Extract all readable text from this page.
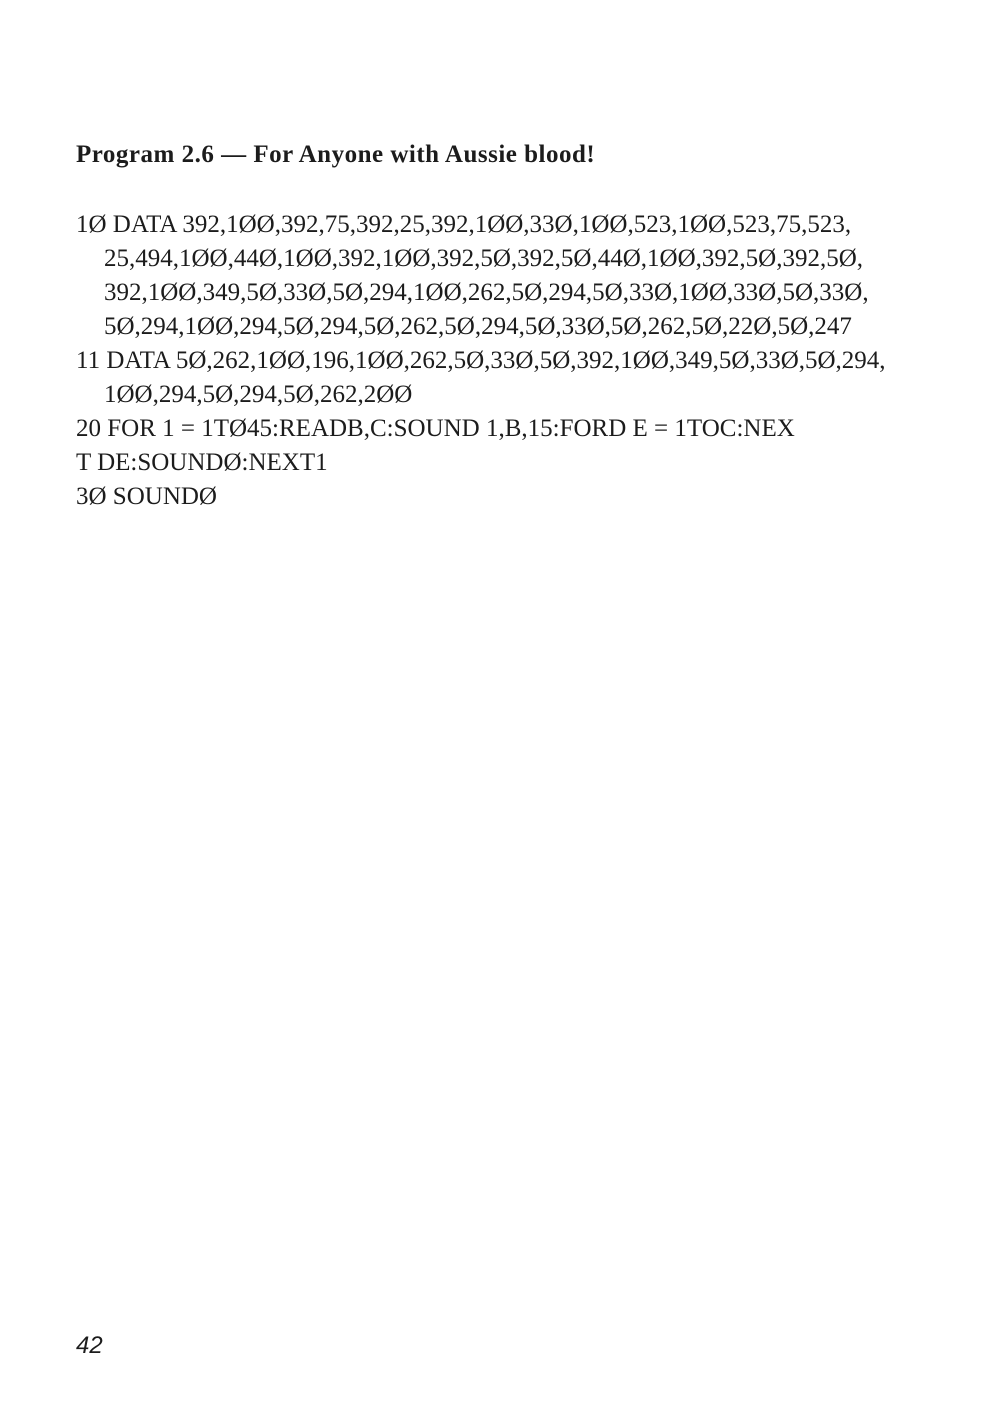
Program 2.6 — For Anyone with Aussie blood!
1Ø DATA 392,1ØØ,392,75,392,25,392,1ØØ,33Ø,1ØØ,523,1ØØ,523,75,523,
25,494,1ØØ,44Ø,1ØØ,392,1ØØ,392,5Ø,392,5Ø,44Ø,1ØØ,392,5Ø,392,5Ø,
392,1ØØ,349,5Ø,33Ø,5Ø,294,1ØØ,262,5Ø,294,5Ø,33Ø,1ØØ,33Ø,5Ø,33Ø,
5Ø,294,1ØØ,294,5Ø,294,5Ø,262,5Ø,294,5Ø,33Ø,5Ø,262,5Ø,22Ø,5Ø,247
11 DATA 5Ø,262,1ØØ,196,1ØØ,262,5Ø,33Ø,5Ø,392,1ØØ,349,5Ø,33Ø,5Ø,294,
1ØØ,294,5Ø,294,5Ø,262,2ØØ
20 FOR 1 = 1TØ45:READB,C:SOUND 1,B,15:FORD E = 1TOC:NEX
T DE:SOUNDØ:NEXT1
3Ø SOUNDØ
42
